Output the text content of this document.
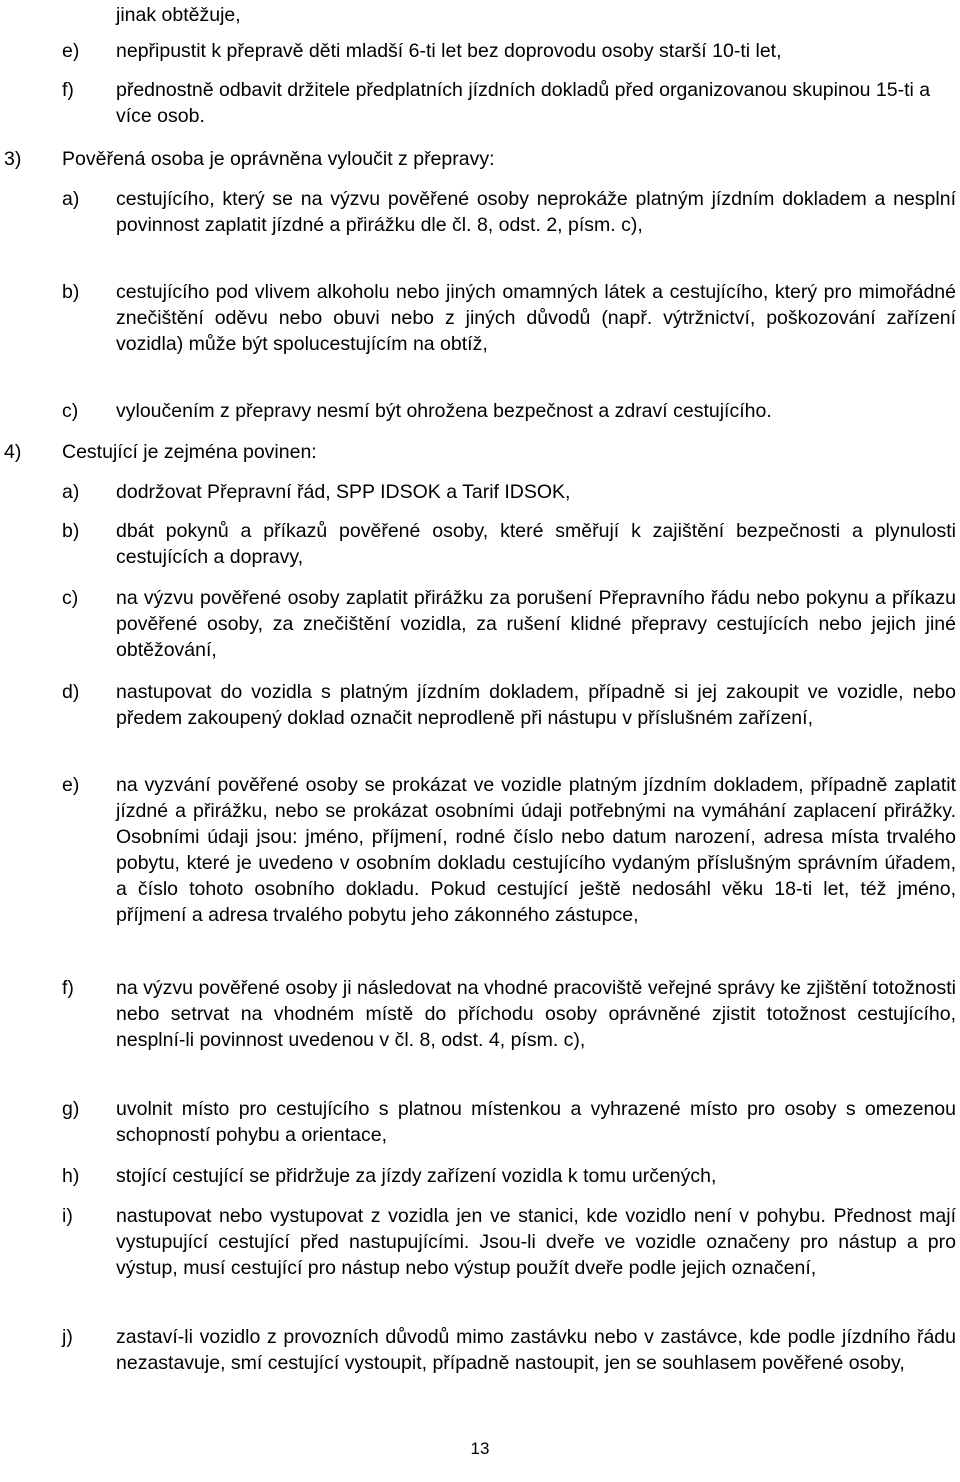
jinak obtěžuje,

e)	nepřipustit k přepravě děti mladší 6-ti let bez doprovodu osoby starší 10-ti let,
f)	přednostně odbavit držitele předplatních jízdních dokladů před organizovanou skupinou 15-ti a více osob.
3)	Pověřená osoba je oprávněna vyloučit z přepravy:
a)	cestujícího, který se na výzvu pověřené osoby neprokáže platným jízdním dokladem a nesplní povinnost zaplatit jízdné a přirážku dle čl. 8, odst. 2, písm. c),
b)	cestujícího pod vlivem alkoholu nebo jiných omamných látek a cestujícího, který pro mimořádné znečištění oděvu nebo obuvi nebo z jiných důvodů (např. výtržnictví, poškozování zařízení vozidla) může být spolucestujícím na obtíž,
c)	vyloučením z přepravy nesmí být ohrožena bezpečnost a zdraví cestujícího.
4)	Cestující je zejména povinen:
a)	dodržovat Přepravní řád, SPP IDSOK a Tarif IDSOK,
b)	dbát pokynů a příkazů pověřené osoby, které směřují k zajištění bezpečnosti a plynulosti cestujících a dopravy,
c)	na výzvu pověřené osoby zaplatit přirážku za porušení Přepravního řádu nebo pokynu a příkazu pověřené osoby, za znečištění vozidla, za rušení klidné přepravy cestujících nebo jejich jiné obtěžování,
d)	nastupovat do vozidla s platným jízdním dokladem, případně si jej zakoupit ve vozidle, nebo předem zakoupený doklad označit neprodleně při nástupu v příslušném zařízení,
e)	na vyzvání pověřené osoby se prokázat ve vozidle platným jízdním dokladem, případně zaplatit jízdné a přirážku, nebo se prokázat osobními údaji potřebnými na vymáhání zaplacení přirážky. Osobními údaji jsou: jméno, příjmení, rodné číslo nebo datum narození, adresa místa trvalého pobytu, které je uvedeno v osobním dokladu cestujícího vydaným příslušným správním úřadem, a číslo tohoto osobního dokladu. Pokud cestující ještě nedosáhl věku 18-ti let, též jméno, příjmení a adresa trvalého pobytu jeho zákonného zástupce,
f)	na výzvu pověřené osoby ji následovat na vhodné pracoviště veřejné správy ke zjištění totožnosti nebo setrvat na vhodném místě do příchodu osoby oprávněné zjistit totožnost cestujícího, nesplní-li povinnost uvedenou v čl. 8, odst. 4, písm. c),
g)	uvolnit místo pro cestujícího s platnou místenkou a vyhrazené místo pro osoby s omezenou schopností pohybu a orientace,
h)	stojící cestující se přidržuje za jízdy zařízení vozidla k tomu určených,
i)	nastupovat nebo vystupovat z vozidla jen ve stanici, kde vozidlo není v pohybu. Přednost mají vystupující cestující před nastupujícími. Jsou-li dveře ve vozidle označeny pro nástup a pro výstup, musí cestující pro nástup nebo výstup použít dveře podle jejich označení,
j)	zastaví-li vozidlo z provozních důvodů mimo zastávku nebo v zastávce, kde podle jízdního řádu nezastavuje, smí cestující vystoupit, případně nastoupit, jen se souhlasem pověřené osoby,
13
